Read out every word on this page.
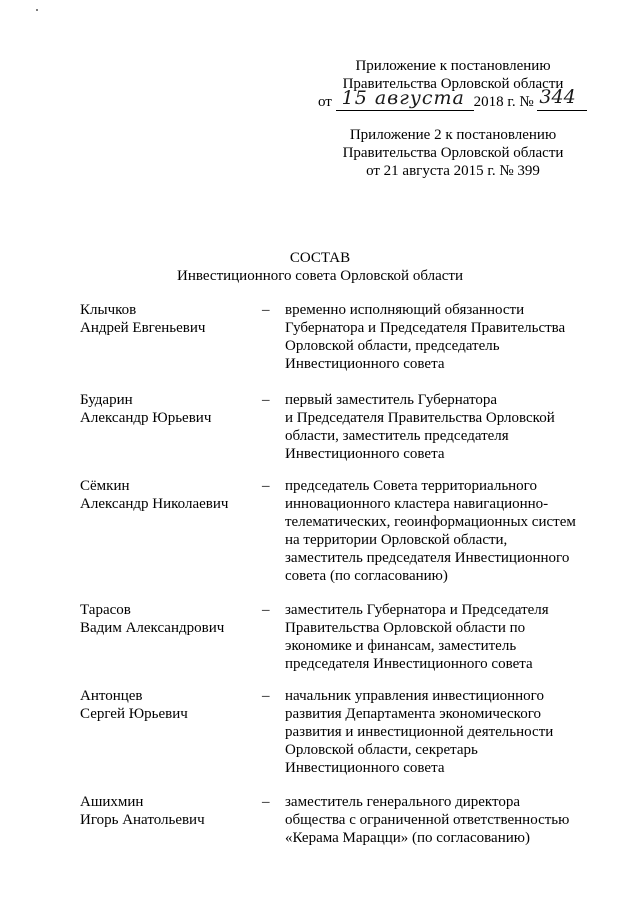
Приложение к постановлению
Правительства Орловской области
от 15 августа 2018 г. № 344
Приложение 2 к постановлению
Правительства Орловской области
от 21 августа 2015 г. № 399
СОСТАВ
Инвестиционного совета Орловской области
Клычков
Андрей Евгеньевич
– временно исполняющий обязанности
Губернатора и Председателя Правительства
Орловской области, председатель
Инвестиционного совета
Бударин
Александр Юрьевич
– первый заместитель Губернатора
и Председателя Правительства Орловской
области, заместитель председателя
Инвестиционного совета
Сёмкин
Александр Николаевич
– председатель Совета территориального
инновационного кластера навигационно-
телематических, геоинформационных систем
на территории Орловской области,
заместитель председателя Инвестиционного
совета (по согласованию)
Тарасов
Вадим Александрович
– заместитель Губернатора и Председателя
Правительства Орловской области по
экономике и финансам, заместитель
председателя Инвестиционного совета
Антонцев
Сергей Юрьевич
– начальник управления инвестиционного
развития Департамента экономического
развития и инвестиционной деятельности
Орловской области, секретарь
Инвестиционного совета
Ашихмин
Игорь Анатольевич
– заместитель генерального директора
общества с ограниченной ответственностью
«Керама Марацци» (по согласованию)
